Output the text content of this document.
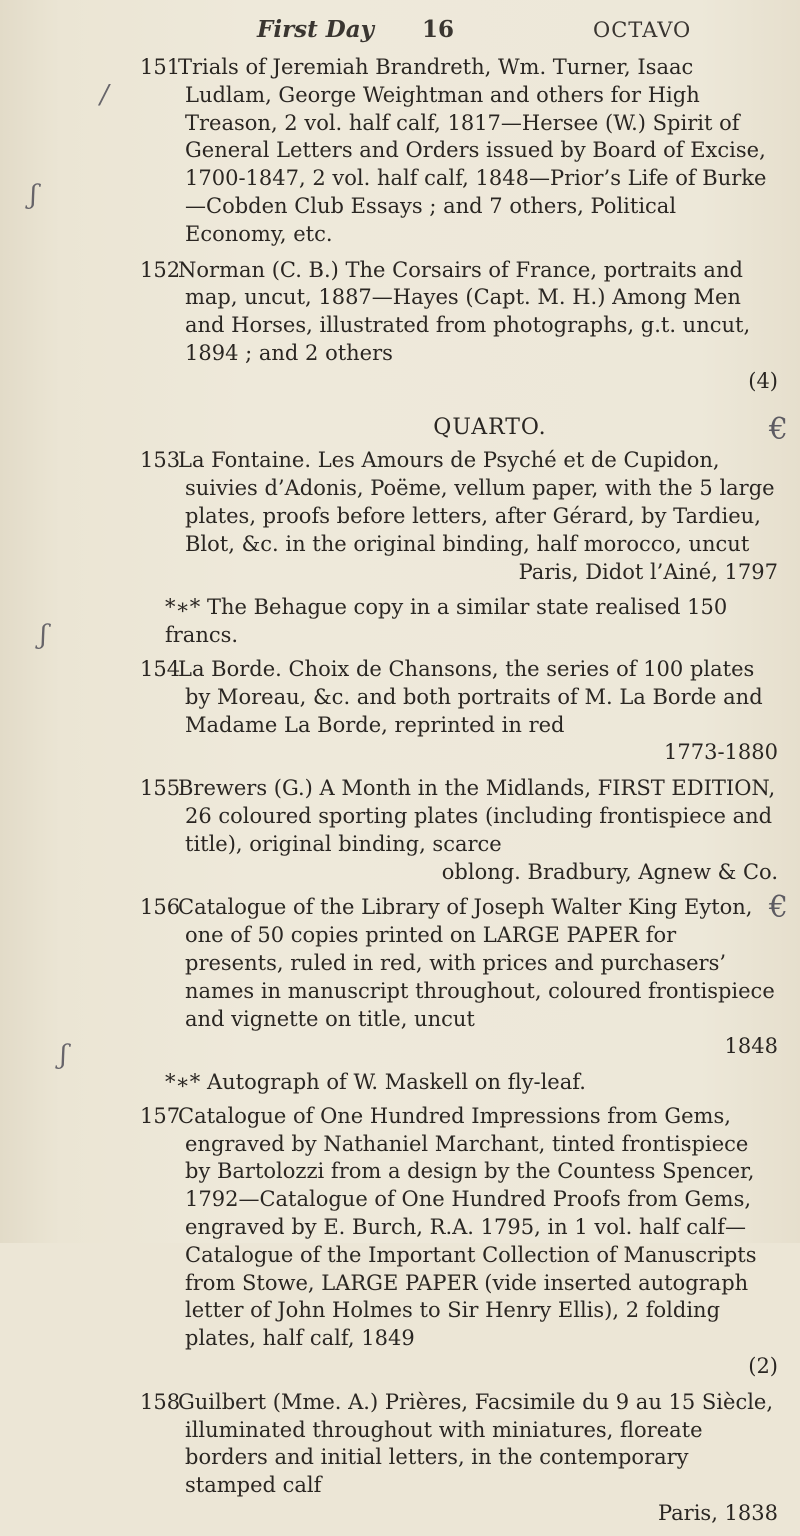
First Day 16	OCTAVO
/
ʃ
ʃ
ʃ
€
€
151Trials of Jeremiah Brandreth, Wm. Turner, Isaac Ludlam, George Weightman and others for High Treason, 2 vol. half calf, 1817—Hersee (W.) Spirit of General Letters and Orders issued by Board of Excise, 1700-1847, 2 vol. half calf, 1848—Prior’s Life of Burke—Cobden Club Essays ; and 7 others, Political Economy, etc.
152Norman (C. B.) The Corsairs of France, portraits and map, uncut, 1887—Hayes (Capt. M. H.) Among Men and Horses, illustrated from photographs, g.t. uncut, 1894 ; and 2 others
(4)
QUARTO.
153La Fontaine. Les Amours de Psyché et de Cupidon, suivies d’Adonis, Poëme, vellum paper, with the 5 large plates, proofs before letters, after Gérard, by Tardieu, Blot, &c. in the original binding, half morocco, uncut
Paris, Didot l’Ainé, 1797
*∗* The Behague copy in a similar state realised 150 francs.
154La Borde. Choix de Chansons, the series of 100 plates by Moreau, &c. and both portraits of M. La Borde and Madame La Borde, reprinted in red
1773-1880
155Brewers (G.) A Month in the Midlands, FIRST EDITION, 26 coloured sporting plates (including frontispiece and title), original binding, scarce
oblong. Bradbury, Agnew & Co.
156Catalogue of the Library of Joseph Walter King Eyton, one of 50 copies printed on LARGE PAPER for presents, ruled in red, with prices and purchasers’ names in manuscript throughout, coloured frontispiece and vignette on title, uncut
1848
*∗* Autograph of W. Maskell on fly-leaf.
157Catalogue of One Hundred Impressions from Gems, engraved by Nathaniel Marchant, tinted frontispiece by Bartolozzi from a design by the Countess Spencer, 1792—Catalogue of One Hundred Proofs from Gems, engraved by E. Burch, R.A. 1795, in 1 vol. half calf—Catalogue of the Important Collection of Manuscripts from Stowe, LARGE PAPER (vide inserted autograph letter of John Holmes to Sir Henry Ellis), 2 folding plates, half calf, 1849
(2)
158Guilbert (Mme. A.) Prières, Facsimile du 9 au 15 Siècle, illuminated throughout with miniatures, floreate borders and initial letters, in the contemporary stamped calf
Paris, 1838
